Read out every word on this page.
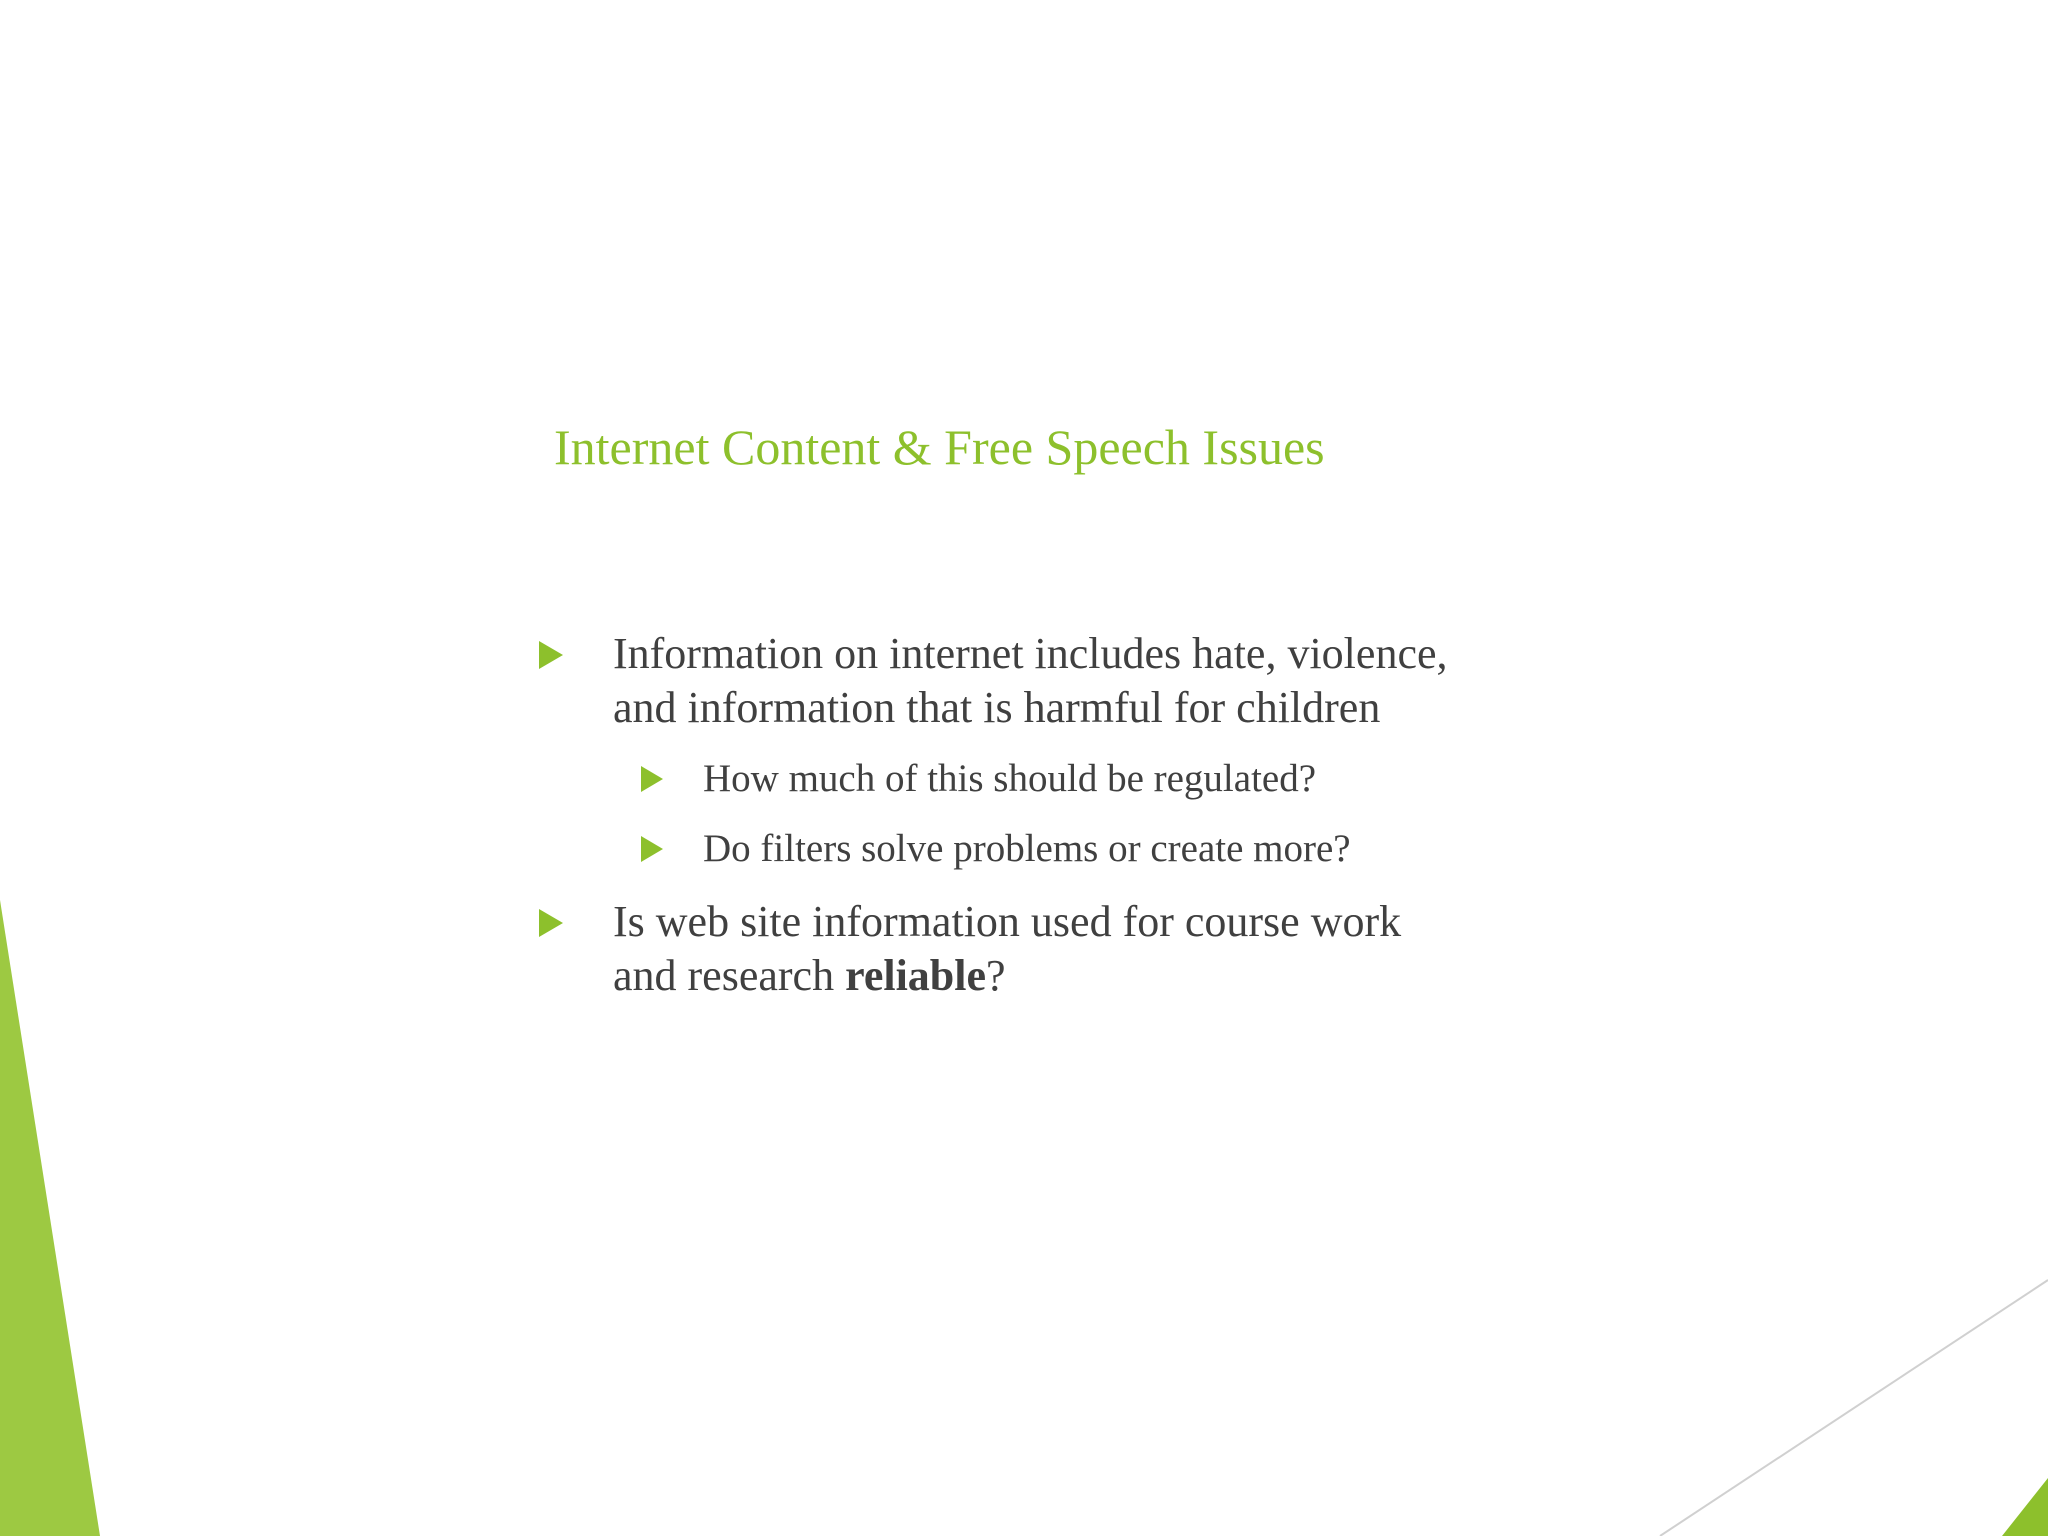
Internet Content & Free Speech Issues
Information on internet includes hate, violence,
and information that is harmful for children
How much of this should be regulated?
Do filters solve problems or create more?
Is web site information used for course work
and research reliable?
